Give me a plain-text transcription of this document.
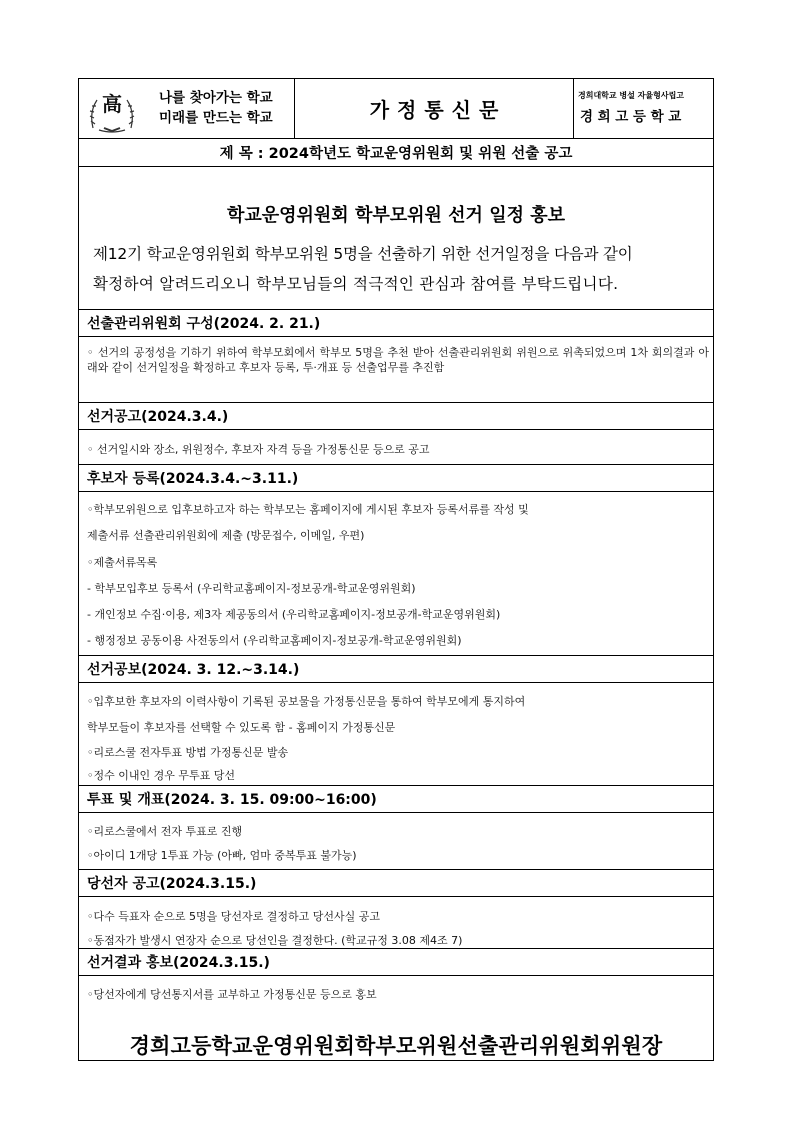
高	나를 찾아가는 학교
미래를 만드는 학교	가정통신문
경희대학교 병설 자율형사립고
경희고등학교
제 목 : 2024학년도 학교운영위원회 및 위원 선출 공고
학교운영위원회 학부모위원 선거 일정 홍보
제12기 학교운영위원회 학부모위원 5명을 선출하기 위한 선거일정을 다음과 같이
확정하여 알려드리오니 학부모님들의 적극적인 관심과 참여를 부탁드립니다.
선출관리위원회 구성(2024. 2. 21.)
◦ 선거의 공정성을 기하기 위하여 학부모회에서 학부모 5명을 추천 받아 선출관리위원회 위원으로 위촉되었으며 1차 회의결과 아래와 같이 선거일정을 확정하고 후보자 등록, 투·개표 등 선출업무를 추진함
선거공고(2024.3.4.)
◦ 선거일시와 장소, 위원정수, 후보자 자격 등을 가정통신문 등으로 공고
후보자 등록(2024.3.4.~3.11.)
◦학부모위원으로 입후보하고자 하는 학부모는 홈페이지에 게시된 후보자 등록서류를 작성 및
제출서류 선출관리위원회에 제출 (방문접수, 이메일, 우편)
◦제출서류목록
- 학부모입후보 등록서 (우리학교홈페이지-정보공개-학교운영위원회)
- 개인정보 수집·이용, 제3자 제공동의서 (우리학교홈페이지-정보공개-학교운영위원회)
- 행정정보 공동이용 사전동의서 (우리학교홈페이지-정보공개-학교운영위원회)
선거공보(2024. 3. 12.~3.14.)
◦입후보한 후보자의 이력사항이 기록된 공보물을 가정통신문을 통하여 학부모에게 통지하여
학부모들이 후보자를 선택할 수 있도록 함 - 홈페이지 가정통신문
◦리로스쿨 전자투표 방법 가정통신문 발송
◦정수 이내인 경우 무투표 당선
투표 및 개표(2024. 3. 15. 09:00~16:00)
◦리로스쿨에서 전자 투표로 진행
◦아이디 1개당 1투표 가능 (아빠, 엄마 중복투표 불가능)
당선자 공고(2024.3.15.)
◦다수 득표자 순으로 5명을 당선자로 결정하고 당선사실 공고
◦동점자가 발생시 연장자 순으로 당선인을 결정한다. (학교규정 3.08 제4조 7)
선거결과 홍보(2024.3.15.)
◦당선자에게 당선통지서를 교부하고 가정통신문 등으로 홍보
경희고등학교운영위원회학부모위원선출관리위원회위원장
